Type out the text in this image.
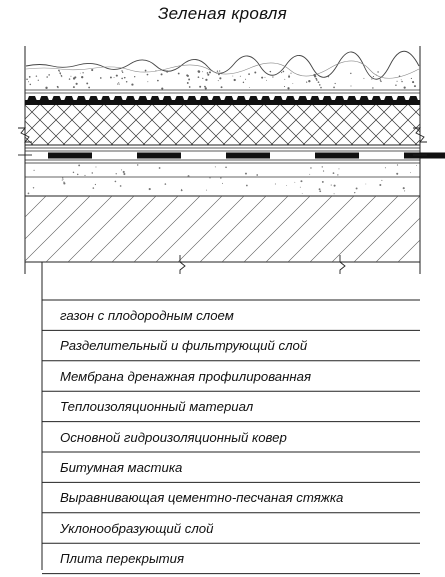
Зеленая кровля
газон с плодородным слоем
Разделительный и фильтрующий слой
Мембрана дренажная профилированная
Теплоизоляционный материал
Основной гидроизоляционный ковер
Битумная мастика
Выравнивающая цементно-песчаная стяжка
Уклонообразующий слой
Плита перекрытия
